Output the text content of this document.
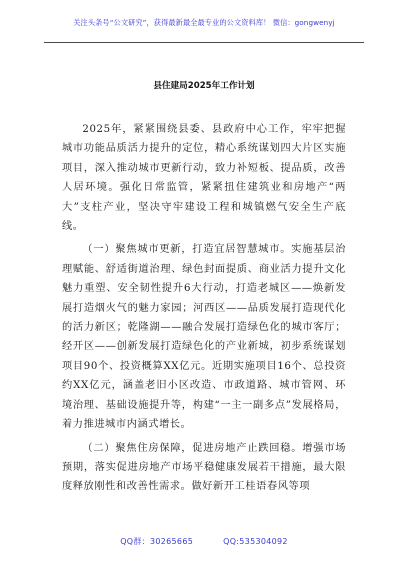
关注头条号“公文研究”，获得最新最全最专业的公文资料库！ 微信：gongwenyj
县住建局2025年工作计划

2025年，紧紧围绕县委、县政府中心工作，牢牢把握城市功能品质活力提升的定位，精心系统谋划四大片区实施项目，深入推动城市更新行动，致力补短板、提品质，改善人居环境。强化日常监管，紧紧扭住建筑业和房地产“两大”支柱产业，坚决守牢建设工程和城镇燃气安全生产底线。

（一）聚焦城市更新，打造宜居智慧城市。实施基层治理赋能、舒适街道治理、绿色封面提质、商业活力提升文化魅力重塑、安全韧性提升6大行动，打造老城区——焕新发展打造烟火气的魅力家园；河西区——品质发展打造现代化的活力新区；乾隆湖——融合发展打造绿色化的城市客厅；经开区——创新发展打造绿色化的产业新城，初步系统谋划项目90个、投资概算XX亿元。近期实施项目16个、总投资约XX亿元，涵盖老旧小区改造、市政道路、城市管网、环境治理、基础设施提升等，构建“一主一副多点”发展格局，着力推进城市内涵式增长。

（二）聚焦住房保障，促进房地产止跌回稳。增强市场预期，落实促进房地产市场平稳健康发展若干措施，最大限度释放刚性和改善性需求。做好新开工桂语春风等项

QQ群：30265665	QQ:535304092
